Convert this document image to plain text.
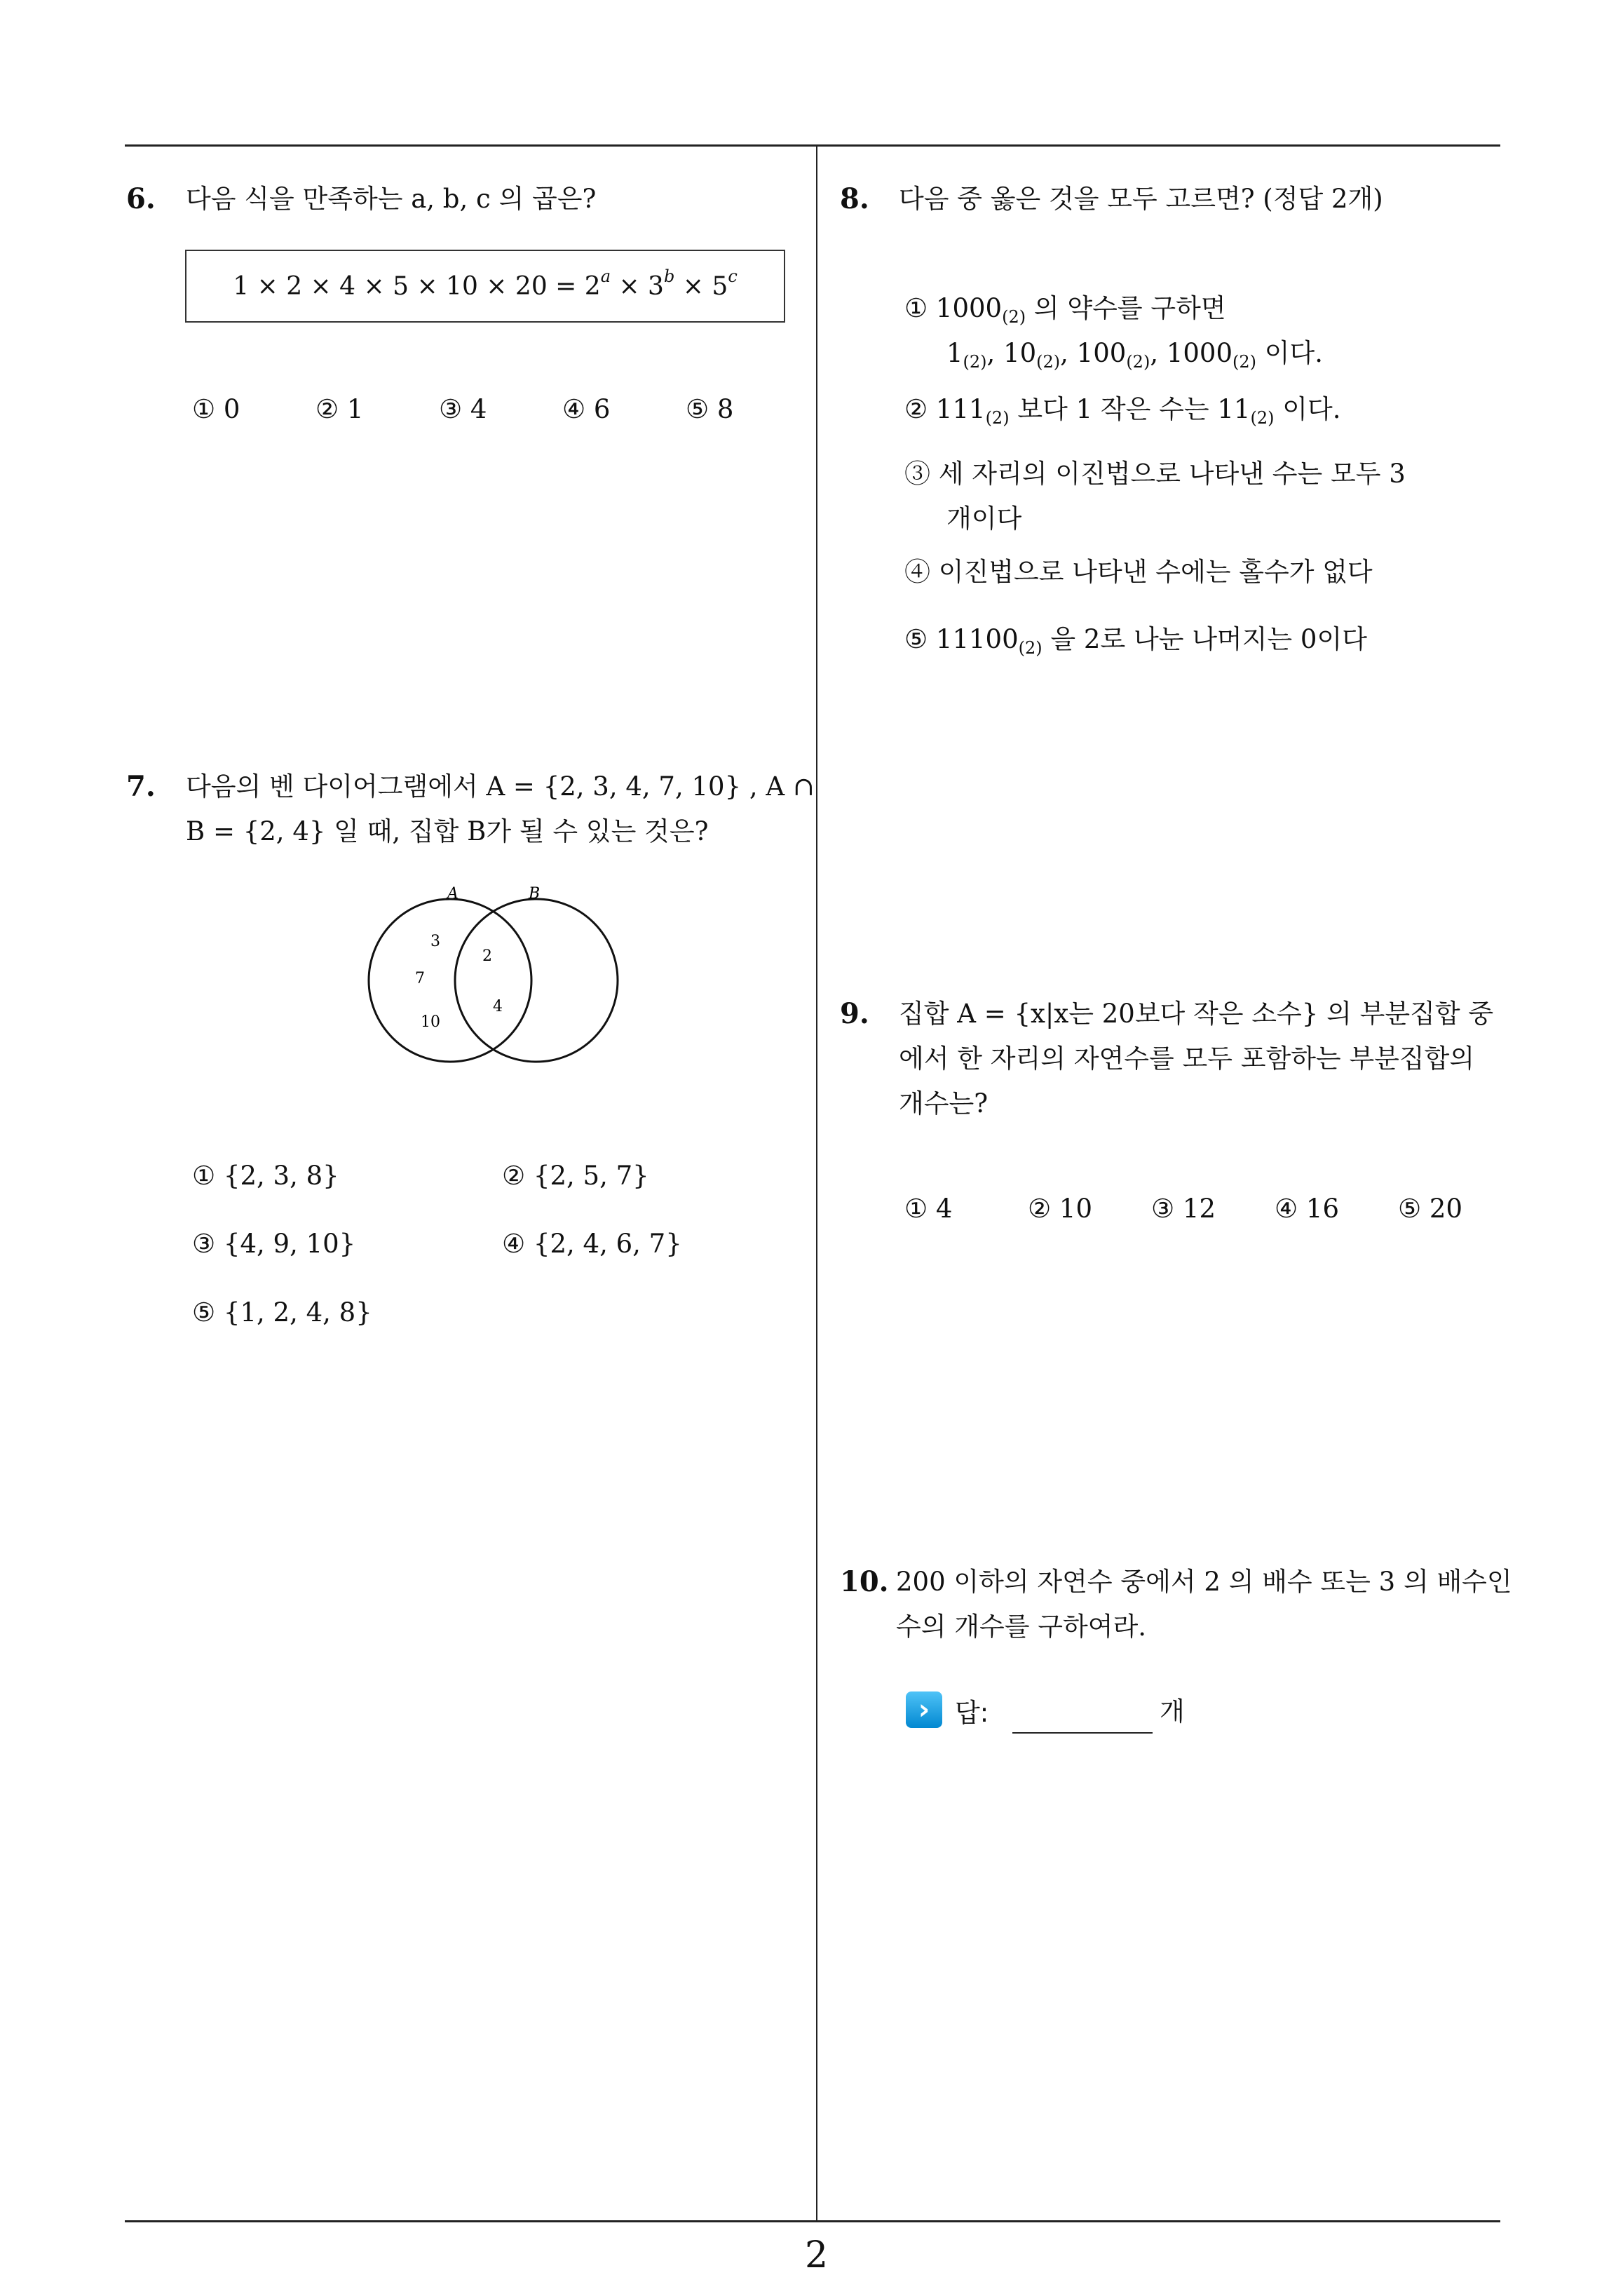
6. 다음 식을 만족하는 a, b, c 의 곱은?
$1 \times 2 \times 4 \times 5 \times 10 \times 20 = 2^a \times 3^b \times 5^c$
① 0	② 1	③ 4	④ 6	⑤ 8
7. 다음의 벤 다이어그램에서 A = {2, 3, 4, 7, 10} , A ∩
B = {2, 4} 일 때, 집합 B가 될 수 있는 것은?
A	B
3
7
10
2
4
① {2, 3, 8}	② {2, 5, 7}
③ {4, 9, 10}	④ {2, 4, 6, 7}
⑤ {1, 2, 4, 8}
8. 다음 중 옳은 것을 모두 고르면? (정답 2개)
① $1000_{(2)}$ 의 약수를 구하면
$1_{(2)}$, $10_{(2)}$, $100_{(2)}$, $1000_{(2)}$ 이다.
② $111_{(2)}$ 보다 1 작은 수는 $11_{(2)}$ 이다.
③ 세 자리의 이진법으로 나타낸 수는 모두 3
개이다
④ 이진법으로 나타낸 수에는 홀수가 없다
⑤ $11100_{(2)}$ 을 2로 나눈 나머지는 0이다
9. 집합 A = {x|x는 20보다 작은 소수} 의 부분집합 중
에서 한 자리의 자연수를 모두 포함하는 부분집합의
개수는?
① 4	② 10 ③ 12 ④ 16 ⑤ 20
10. 200 이하의 자연수 중에서 2 의 배수 또는 3 의 배수인
수의 개수를 구하여라.
› 답:	개
2
